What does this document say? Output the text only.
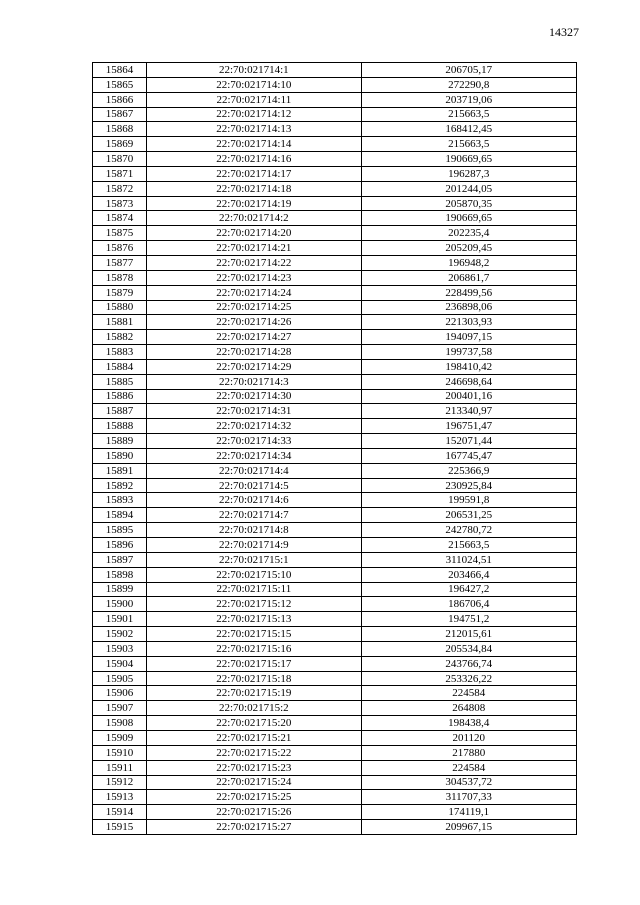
14327
15864	22:70:021714:1	206705,17
15865	22:70:021714:10	272290,8
15866	22:70:021714:11	203719,06
15867	22:70:021714:12	215663,5
15868	22:70:021714:13	168412,45
15869	22:70:021714:14	215663,5
15870	22:70:021714:16	190669,65
15871	22:70:021714:17	196287,3
15872	22:70:021714:18	201244,05
15873	22:70:021714:19	205870,35
15874	22:70:021714:2	190669,65
15875	22:70:021714:20	202235,4
15876	22:70:021714:21	205209,45
15877	22:70:021714:22	196948,2
15878	22:70:021714:23	206861,7
15879	22:70:021714:24	228499,56
15880	22:70:021714:25	236898,06
15881	22:70:021714:26	221303,93
15882	22:70:021714:27	194097,15
15883	22:70:021714:28	199737,58
15884	22:70:021714:29	198410,42
15885	22:70:021714:3	246698,64
15886	22:70:021714:30	200401,16
15887	22:70:021714:31	213340,97
15888	22:70:021714:32	196751,47
15889	22:70:021714:33	152071,44
15890	22:70:021714:34	167745,47
15891	22:70:021714:4	225366,9
15892	22:70:021714:5	230925,84
15893	22:70:021714:6	199591,8
15894	22:70:021714:7	206531,25
15895	22:70:021714:8	242780,72
15896	22:70:021714:9	215663,5
15897	22:70:021715:1	311024,51
15898	22:70:021715:10	203466,4
15899	22:70:021715:11	196427,2
15900	22:70:021715:12	186706,4
15901	22:70:021715:13	194751,2
15902	22:70:021715:15	212015,61
15903	22:70:021715:16	205534,84
15904	22:70:021715:17	243766,74
15905	22:70:021715:18	253326,22
15906	22:70:021715:19	224584
15907	22:70:021715:2	264808
15908	22:70:021715:20	198438,4
15909	22:70:021715:21	201120
15910	22:70:021715:22	217880
15911	22:70:021715:23	224584
15912	22:70:021715:24	304537,72
15913	22:70:021715:25	311707,33
15914	22:70:021715:26	174119,1
15915	22:70:021715:27	209967,15
